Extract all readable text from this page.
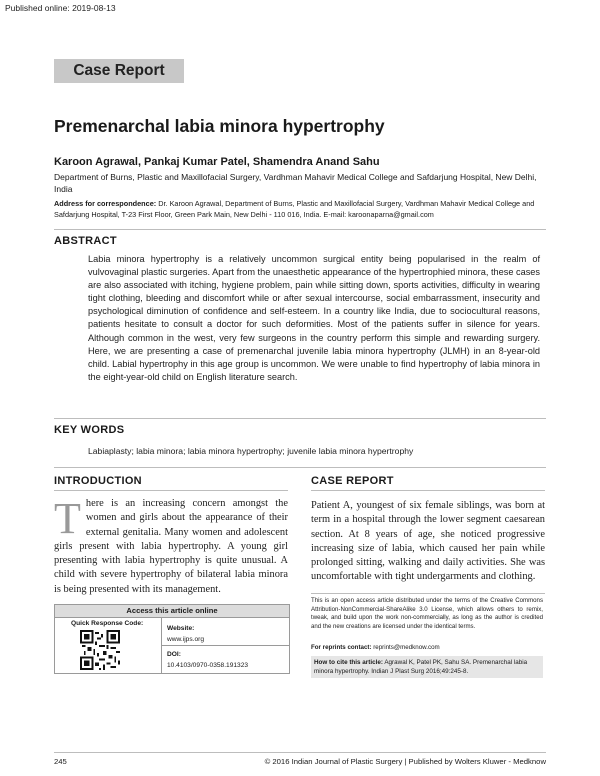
Published online: 2019-08-13
Case Report
Premenarchal labia minora hypertrophy
Karoon Agrawal, Pankaj Kumar Patel, Shamendra Anand Sahu
Department of Burns, Plastic and Maxillofacial Surgery, Vardhman Mahavir Medical College and Safdarjung Hospital, New Delhi, India
Address for correspondence: Dr. Karoon Agrawal, Department of Burns, Plastic and Maxillofacial Surgery, Vardhman Mahavir Medical College and Safdarjung Hospital, T-23 First Floor, Green Park Main, New Delhi - 110 016, India. E-mail: karoonaparna@gmail.com
ABSTRACT
Labia minora hypertrophy is a relatively uncommon surgical entity being popularised in the realm of vulvovaginal plastic surgeries. Apart from the unaesthetic appearance of the hypertrophied minora, these cases are also associated with itching, hygiene problem, pain while sitting down, sports activities, difficulty in wearing tight clothing, bleeding and discomfort while or after sexual intercourse, social embarrassment, insecurity and psychological diminution of confidence and self-esteem. In a country like India, due to sociocultural reasons, patients hesitate to consult a doctor for such deformities. Most of the patients suffer in silence for years. Although common in the west, very few surgeons in the country perform this simple and rewarding surgery. Here, we are presenting a case of premenarchal juvenile labia minora hypertrophy (JLMH) in an 8-year-old child. Labial hypertrophy in this age group is uncommon. We were unable to find hypertrophy of labia minora in the eight-year-old child on English literature search.
KEY WORDS
Labiaplasty; labia minora; labia minora hypertrophy; juvenile labia minora hypertrophy
INTRODUCTION
There is an increasing concern amongst the women and girls about the appearance of their external genitalia. Many women and adolescent girls present with labia hypertrophy. A young girl presenting with labia hypertrophy is quite unusual. A child with severe hypertrophy of bilateral labia minora is being presented with its management.
CASE REPORT
Patient A, youngest of six female siblings, was born at term in a hospital through the lower segment caesarean section. At 8 years of age, she noticed progressive increasing size of labia, which caused her pain while prolonged sitting, walking and daily activities. She was uncomfortable with tight undergarments and clothing.
Access this article online
Quick Response Code:
Website:
www.ijps.org
DOI:
10.4103/0970-0358.191323
This is an open access article distributed under the terms of the Creative Commons Attribution-NonCommercial-ShareAlike 3.0 License, which allows others to remix, tweak, and build upon the work non-commercially, as long as the author is credited and the new creations are licensed under the identical terms.
For reprints contact: reprints@medknow.com
How to cite this article: Agrawal K, Patel PK, Sahu SA. Premenarchal labia minora hypertrophy. Indian J Plast Surg 2016;49:245-8.
245	© 2016 Indian Journal of Plastic Surgery | Published by Wolters Kluwer - Medknow
